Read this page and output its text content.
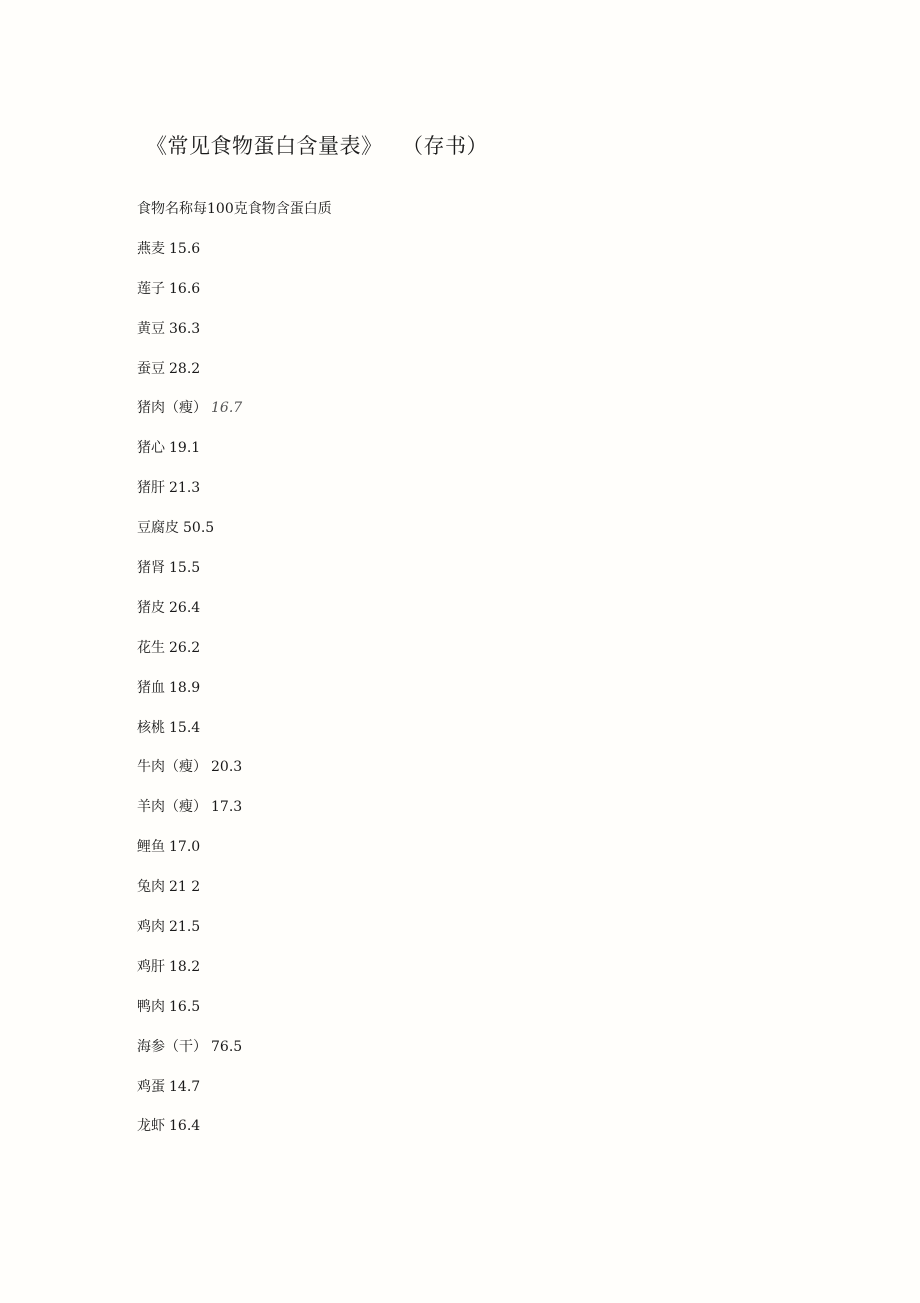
《常见食物蛋白含量表》 （存书）
食物名称每100克食物含蛋白质
燕麦 15.6
莲子 16.6
黄豆 36.3
蚕豆 28.2
猪肉（瘦） 16.7
猪心 19.1
猪肝 21.3
豆腐皮 50.5
猪肾 15.5
猪皮 26.4
花生 26.2
猪血 18.9
核桃 15.4
牛肉（瘦） 20.3
羊肉（瘦） 17.3
鲤鱼 17.0
兔肉 21 2
鸡肉 21.5
鸡肝 18.2
鸭肉 16.5
海参（干） 76.5
鸡蛋 14.7
龙虾 16.4
